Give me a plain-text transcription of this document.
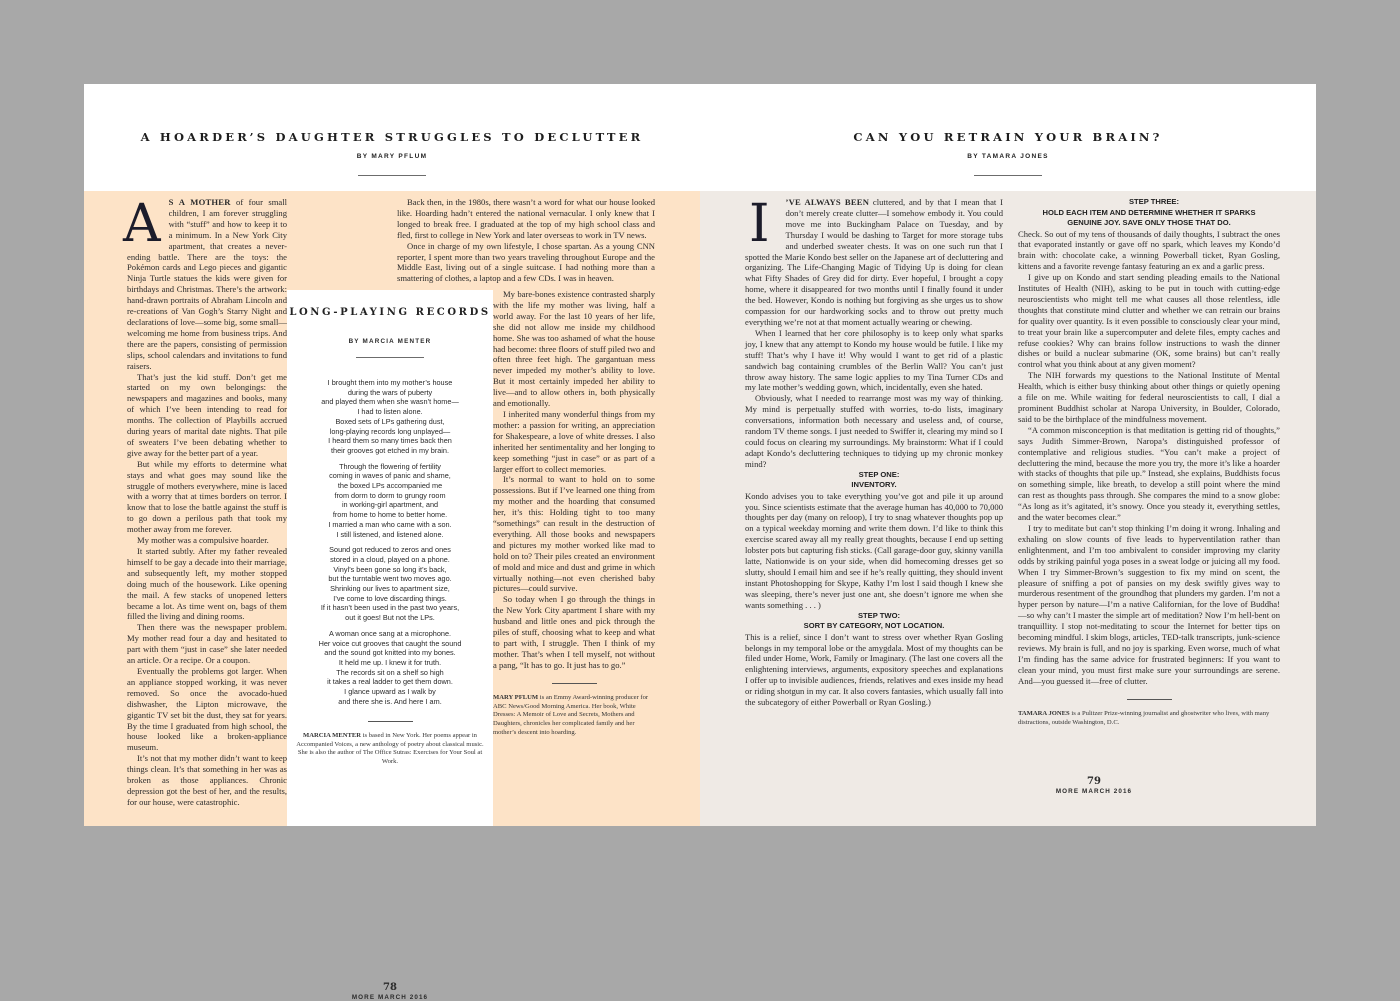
A HOARDER’S DAUGHTER STRUGGLES TO DECLUTTER
BY MARY PFLUM

A S A MOTHER of four small children, I am forever struggling with “stuff” and how to keep it to a minimum. In a New York City apartment, that creates a never-ending battle. There are the toys: the Pokémon cards and Lego pieces and gigantic Ninja Turtle statues the kids were given for birthdays and Christmas. There’s the artwork: hand-drawn portraits of Abraham Lincoln and re-creations of Van Gogh’s Starry Night and declarations of love—some big, some small—welcoming me home from business trips. And there are the papers, consisting of permission slips, school calendars and invitations to fund raisers.

That’s just the kid stuff. Don’t get me started on my own belongings: the newspapers and magazines and books, many of which I’ve been intending to read for months. The collection of Playbills accrued during years of marital date nights. That pile of sweaters I’ve been debating whether to give away for the better part of a year.

But while my efforts to determine what stays and what goes may sound like the struggle of mothers everywhere, mine is laced with a worry that at times borders on terror. I know that to lose the battle against the stuff is to go down a perilous path that took my mother away from me forever.

My mother was a compulsive hoarder.

It started subtly. After my father revealed himself to be gay a decade into their marriage, and subsequently left, my mother stopped doing much of the housework. Like opening the mail. A few stacks of unopened letters became a lot. As time went on, bags of them filled the living and dining rooms.

Then there was the newspaper problem. My mother read four a day and hesitated to part with them “just in case” she later needed an article. Or a recipe. Or a coupon.

Eventually the problems got larger. When an appliance stopped working, it was never removed. So once the avocado-hued dishwasher, the Lipton microwave, the gigantic TV set bit the dust, they sat for years. By the time I graduated from high school, the house looked like a broken-appliance museum.

It’s not that my mother didn’t want to keep things clean. It’s that something in her was as broken as those appliances. Chronic depression got the best of her, and the results, for our house, were catastrophic.

Back then, in the 1980s, there wasn’t a word for what our house looked like. Hoarding hadn’t entered the national vernacular. I only knew that I longed to break free. I graduated at the top of my high school class and fled, first to college in New York and later overseas to work in TV news.

Once in charge of my own lifestyle, I chose spartan. As a young CNN reporter, I spent more than two years traveling throughout Europe and the Middle East, living out of a single suitcase. I had nothing more than a smattering of clothes, a laptop and a few CDs. I was in heaven.

My bare-bones existence contrasted sharply with the life my mother was living, half a world away. For the last 10 years of her life, she did not allow me inside my childhood home. She was too ashamed of what the house had become: three floors of stuff piled two and often three feet high. The gargantuan mess never impeded my mother’s ability to love. But it most certainly impeded her ability to live—and to allow others in, both physically and emotionally.

I inherited many wonderful things from my mother: a passion for writing, an appreciation for Shakespeare, a love of white dresses. I also inherited her sentimentality and her longing to keep something “just in case” or as part of a larger effort to collect memories.

It’s normal to want to hold on to some possessions. But if I’ve learned one thing from my mother and the hoarding that consumed her, it’s this: Holding tight to too many “somethings” can result in the destruction of everything. All those books and newspapers and pictures my mother worked like mad to hold on to? Their piles created an environment of mold and mice and dust and grime in which virtually nothing—not even cherished baby pictures—could survive.

So today when I go through the things in the New York City apartment I share with my husband and little ones and pick through the piles of stuff, choosing what to keep and what to part with, I struggle. Then I think of my mother. That’s when I tell myself, not without a pang, “It has to go. It just has to go.”

MARY PFLUM is an Emmy Award-winning producer for ABC News/Good Morning America. Her book, White Dresses: A Memoir of Love and Secrets, Mothers and Daughters, chronicles her complicated family and her mother’s descent into hoarding.
LONG-PLAYING RECORDS
BY MARCIA MENTER
I brought them into my mother’s house
during the wars of puberty
and played them when she wasn’t home—
I had to listen alone.
Boxed sets of LPs gathering dust,
long-playing records long unplayed—
I heard them so many times back then
their grooves got etched in my brain.
Through the flowering of fertility
coming in waves of panic and shame,
the boxed LPs accompanied me
from dorm to dorm to grungy room
in working-girl apartment, and
from home to home to better home.
I married a man who came with a son.
I still listened, and listened alone.
Sound got reduced to zeros and ones
stored in a cloud, played on a phone.
Vinyl’s been gone so long it’s back,
but the turntable went two moves ago.
Shrinking our lives to apartment size,
I’ve come to love discarding things.
If it hasn’t been used in the past two years,
out it goes! But not the LPs.
A woman once sang at a microphone.
Her voice cut grooves that caught the sound
and the sound got knitted into my bones.
It held me up. I knew it for truth.
The records sit on a shelf so high
it takes a real ladder to get them down.
I glance upward as I walk by
and there she is. And here I am.
MARCIA MENTER is based in New York. Her poems appear in Accompanied Voices, a new anthology of poetry about classical music. She is also the author of The Office Sutras: Exercises for Your Soul at Work.
78
MORE MARCH 2016
CAN YOU RETRAIN YOUR BRAIN?
BY TAMARA JONES

I ’VE ALWAYS BEEN cluttered, and by that I mean that I don’t merely create clutter—I somehow embody it. You could move me into Buckingham Palace on Tuesday, and by Thursday I would be dashing to Target for more storage tubs and underbed sweater chests. It was on one such run that I spotted the Marie Kondo best seller on the Japanese art of decluttering and organizing. The Life-Changing Magic of Tidying Up is doing for clean what Fifty Shades of Grey did for dirty. Ever hopeful, I brought a copy home, where it disappeared for two months until I finally found it under the bed. However, Kondo is nothing but forgiving as she urges us to show compassion for our hardworking socks and to throw out pretty much everything we’re not at that moment actually wearing or chewing.

When I learned that her core philosophy is to keep only what sparks joy, I knew that any attempt to Kondo my house would be futile. I like my stuff! That’s why I have it! Why would I want to get rid of a plastic sandwich bag containing crumbles of the Berlin Wall? You can’t just throw away history. The same logic applies to my Tina Turner CDs and my late mother’s wedding gown, which, incidentally, even she hated.

Obviously, what I needed to rearrange most was my way of thinking. My mind is perpetually stuffed with worries, to-do lists, imaginary conversations, information both necessary and useless and, of course, random TV theme songs. I just needed to Swiffer it, clearing my mind so I could focus on clearing my surroundings. My brainstorm: What if I could adapt Kondo’s decluttering techniques to tidying up my chronic monkey mind?

STEP ONE:
INVENTORY.

Kondo advises you to take everything you’ve got and pile it up around you. Since scientists estimate that the average human has 40,000 to 70,000 thoughts per day (many on reloop), I try to snag whatever thoughts pop up on a typical weekday morning and write them down. I’d like to think this exercise scared away all my really great thoughts, because I end up setting lobster pots but capturing fish sticks. (Call garage-door guy, skinny vanilla latte, Nationwide is on your side, when did homecoming dresses get so slutty, should I email him and see if he’s really quitting, they should invent instant Photoshopping for Skype, Kathy I’m lost I said though I knew she was sleeping, there’s never just one ant, she doesn’t ignore me when she wants something . . . )

STEP TWO:
SORT BY CATEGORY, NOT LOCATION.

This is a relief, since I don’t want to stress over whether Ryan Gosling belongs in my temporal lobe or the amygdala. Most of my thoughts can be filed under Home, Work, Family or Imaginary. (The last one covers all the enlightening interviews, arguments, expository speeches and explanations I offer up to invisible audiences, friends, relatives and exes inside my head or riding shotgun in my car. It also covers fantasies, which usually fall into the subcategory of either Powerball or Ryan Gosling.)

STEP THREE:
HOLD EACH ITEM AND DETERMINE WHETHER IT SPARKS GENUINE JOY. SAVE ONLY THOSE THAT DO.

Check. So out of my tens of thousands of daily thoughts, I subtract the ones that evaporated instantly or gave off no spark, which leaves my Kondo’d brain with: chocolate cake, a winning Powerball ticket, Ryan Gosling, kittens and a favorite revenge fantasy featuring an ex and a garlic press.

I give up on Kondo and start sending pleading emails to the National Institutes of Health (NIH), asking to be put in touch with cutting-edge neuroscientists who might tell me what causes all those relentless, idle thoughts that constitute mind clutter and whether we can retrain our brains for quality over quantity. Is it even possible to consciously clear your mind, to treat your brain like a supercomputer and delete files, empty caches and refuse cookies? Why can brains follow instructions to wash the dinner dishes or build a nuclear submarine (OK, some brains) but can’t really control what you think about at any given moment?

The NIH forwards my questions to the National Institute of Mental Health, which is either busy thinking about other things or quietly opening a file on me. While waiting for federal neuroscientists to call, I dial a prominent Buddhist scholar at Naropa University, in Boulder, Colorado, said to be the birthplace of the mindfulness movement.

“A common misconception is that meditation is getting rid of thoughts,” says Judith Simmer-Brown, Naropa’s distinguished professor of contemplative and religious studies. “You can’t make a project of decluttering the mind, because the more you try, the more it’s like a hoarder with stacks of thoughts that pile up.” Instead, she explains, Buddhists focus on something simple, like breath, to develop a still point where the mind can rest as thoughts pass through. She compares the mind to a snow globe: “As long as it’s agitated, it’s snowy. Once you steady it, everything settles, and the water becomes clear.”

I try to meditate but can’t stop thinking I’m doing it wrong. Inhaling and exhaling on slow counts of five leads to hyperventilation rather than enlightenment, and I’m too ambivalent to consider improving my clarity odds by striking painful yoga poses in a sweat lodge or juicing all my food. When I try Simmer-Brown’s suggestion to fix my mind on scent, the pleasure of sniffing a pot of pansies on my desk swiftly gives way to murderous resentment of the groundhog that plunders my garden. I’m not a hyper person by nature—I’m a native Californian, for the love of Buddha!—so why can’t I master the simple art of meditation? Now I’m hell-bent on tranquillity. I stop not-meditating to scour the Internet for better tips on becoming mindful. I skim blogs, articles, TED-talk transcripts, junk-science reviews. My brain is full, and no joy is sparking. Even worse, much of what I’m finding has the same advice for frustrated beginners: If you want to clean your mind, you must first make sure your surroundings are serene. And—you guessed it—free of clutter.

TAMARA JONES is a Pulitzer Prize-winning journalist and ghostwriter who lives, with many distractions, outside Washington, D.C.
79
MORE MARCH 2016
